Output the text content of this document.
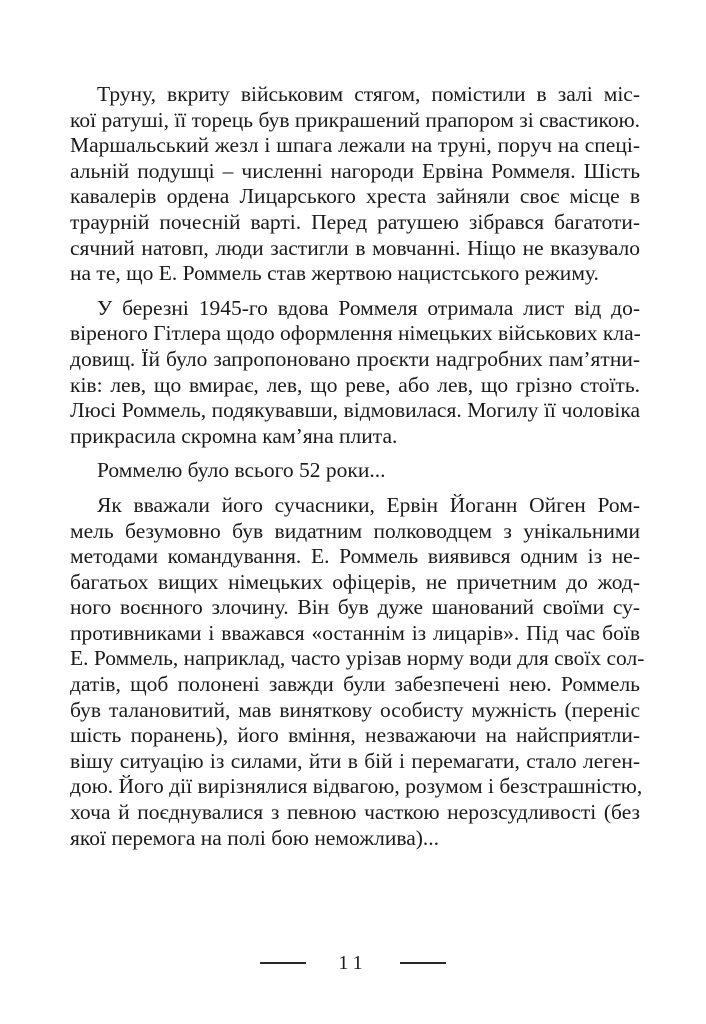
Труну, вкриту військовим стягом, помістили в залі міс-
кої ратуші, її торець був прикрашений прапором зі свастикою.
Маршальський жезл і шпага лежали на труні, поруч на спеці-
альній подушці – численні нагороди Ервіна Роммеля. Шість
кавалерів ордена Лицарського хреста зайняли своє місце в
траурній почесній варті. Перед ратушею зібрався багатоти-
сячний натовп, люди застигли в мовчанні. Ніщо не вказувало
на те, що Е. Роммель став жертвою нацистського режиму.

У березні 1945-го вдова Роммеля отримала лист від до-
віреного Гітлера щодо оформлення німецьких військових кла-
довищ. Їй було запропоновано проєкти надгробних пам’ятни-
ків: лев, що вмирає, лев, що реве, або лев, що грізно стоїть.
Люсі Роммель, подякувавши, відмовилася. Могилу її чоловіка
прикрасила скромна кам’яна плита.

Роммелю було всього 52 роки...

Як вважали його сучасники, Ервін Йоганн Ойген Ром-
мель безумовно був видатним полководцем з унікальними
методами командування. Е. Роммель виявився одним із не-
багатьох вищих німецьких офіцерів, не причетним до жод-
ного воєнного злочину. Він був дуже шанований своїми су-
противниками і вважався «останнім із лицарів». Під час боїв
Е. Роммель, наприклад, часто урізав норму води для своїх сол-
датів, щоб полонені завжди були забезпечені нею. Роммель
був талановитий, мав виняткову особисту мужність (переніс
шість поранень), його вміння, незважаючи на найсприятли-
вішу ситуацію із силами, йти в бій і перемагати, стало леген-
дою. Його дії вирізнялися відвагою, розумом і безстрашністю,
хоча й поєднувалися з певною часткою нерозсудливості (без
якої перемога на полі бою неможлива)...

11
